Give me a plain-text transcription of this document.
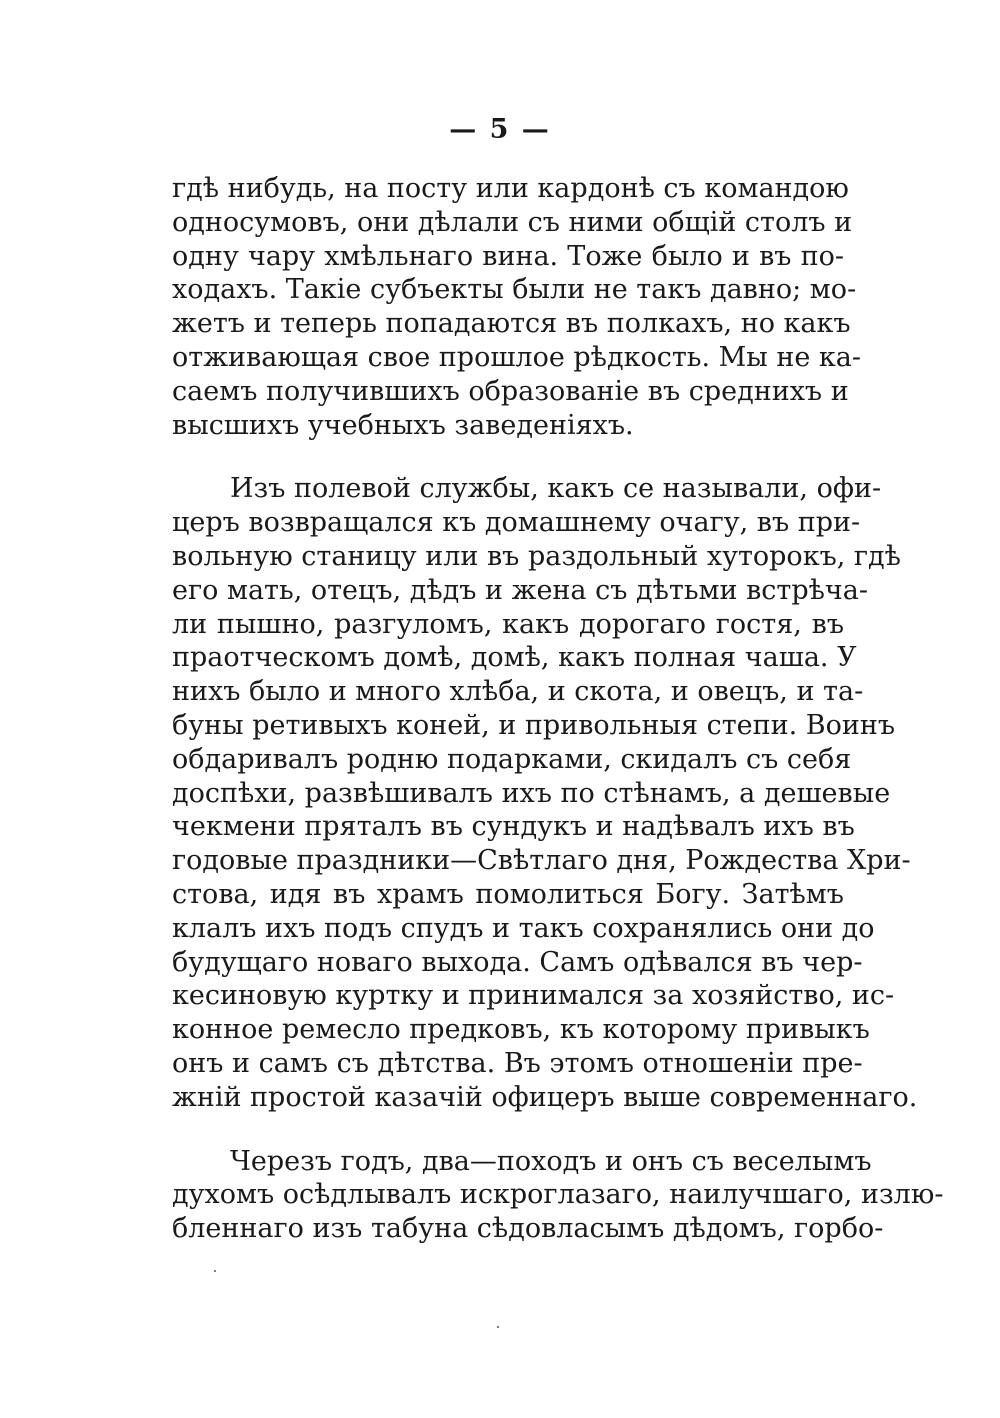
— 5 —
гдѣ нибудь, на посту или кардонѣ съ командою
односумовъ, они дѣлали съ ними общій столъ и
одну чару хмѣльнаго вина. Тоже было и въ по-
ходахъ. Такіе субъекты были не такъ давно; мо-
жетъ и теперь попадаются въ полкахъ, но какъ
отживающая свое прошлое рѣдкость. Мы не ка-
саемъ получившихъ образованіе въ среднихъ и
высшихъ учебныхъ заведеніяхъ.
Изъ полевой службы, какъ се называли, офи-
церъ возвращался къ домашнему очагу, въ при-
вольную станицу или въ раздольный хуторокъ, гдѣ
его мать, отецъ, дѣдъ и жена съ дѣтьми встрѣча-
ли пышно, разгуломъ, какъ дорогаго гостя, въ
праотческомъ домѣ, домѣ, какъ полная чаша. У
нихъ было и много хлѣба, и скота, и овецъ, и та-
буны ретивыхъ коней, и привольныя степи. Воинъ
обдаривалъ родню подарками, скидалъ съ себя
доспѣхи, развѣшивалъ ихъ по стѣнамъ, а дешевые
чекмени пряталъ въ сундукъ и надѣвалъ ихъ въ
годовые праздники—Свѣтлаго дня, Рождества Хри-
стова, идя въ храмъ помолиться Богу. Затѣмъ
клалъ ихъ подъ спудъ и такъ сохранялись они до
будущаго новаго выхода. Самъ одѣвался въ чер-
кесиновую куртку и принимался за хозяйство, ис-
конное ремесло предковъ, къ которому привыкъ
онъ и самъ съ дѣтства. Въ этомъ отношеніи пре-
жній простой казачій офицеръ выше современнаго.
Черезъ годъ, два—походъ и онъ съ веселымъ
духомъ осѣдлывалъ искроглазаго, наилучшаго, излю-
бленнаго изъ табуна сѣдовласымъ дѣдомъ, горбо-
